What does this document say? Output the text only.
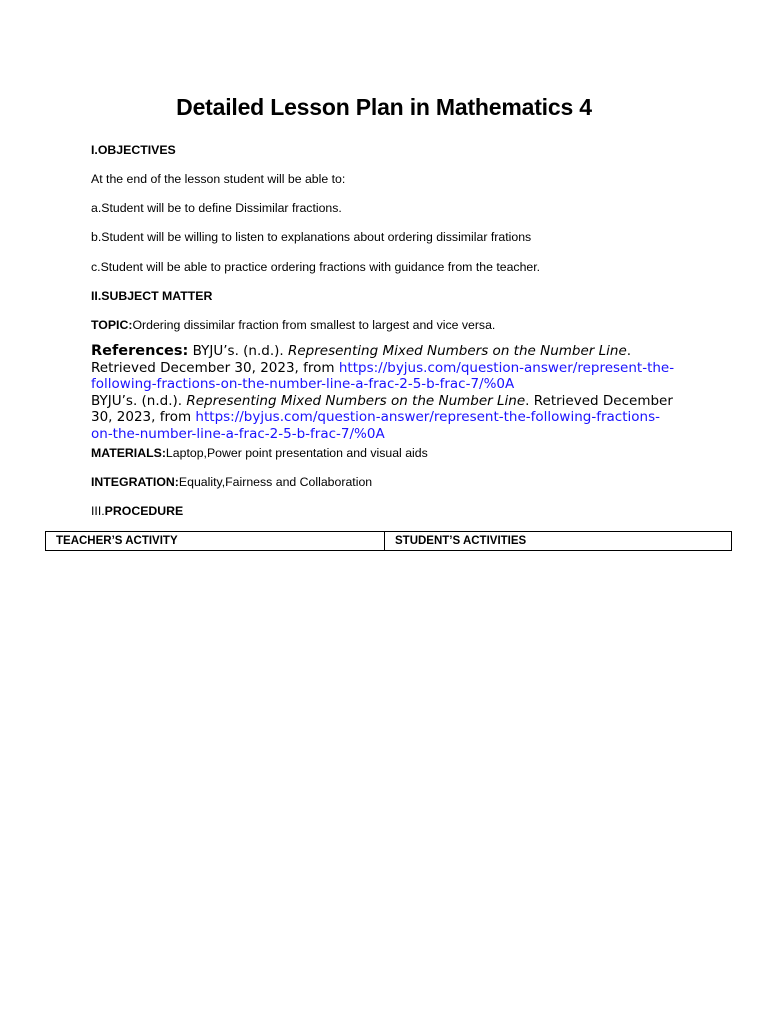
Detailed Lesson Plan in Mathematics 4
I.OBJECTIVES
At the end of the lesson student will be able to:
a.Student will be to define Dissimilar fractions.
b.Student will be willing to listen to explanations about ordering dissimilar frations
c.Student will be able to practice ordering fractions with guidance from the teacher.
II.SUBJECT MATTER
TOPIC:Ordering dissimilar fraction from smallest to largest and vice versa.
References: BYJU’s. (n.d.). Representing Mixed Numbers on the Number Line. Retrieved December 30, 2023, from https://byjus.com/question-answer/represent-the-following-fractions-on-the-number-line-a-frac-2-5-b-frac-7/%0A
BYJU’s. (n.d.). Representing Mixed Numbers on the Number Line. Retrieved December 30, 2023, from https://byjus.com/question-answer/represent-the-following-fractions-on-the-number-line-a-frac-2-5-b-frac-7/%0A
MATERIALS:Laptop,Power point presentation and visual aids
INTEGRATION:Equality,Fairness and Collaboration
III.PROCEDURE
TEACHER’S ACTIVITY	STUDENT’S ACTIVITIES
